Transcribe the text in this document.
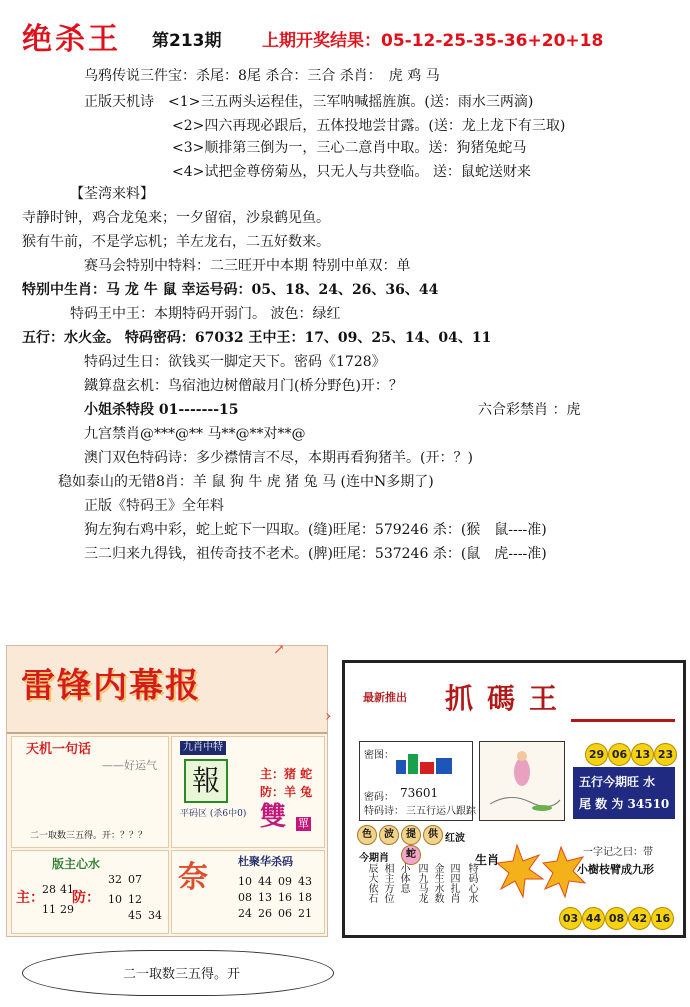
绝杀王 第213期 上期开奖结果：05-12-25-35-36+20+18
乌鸦传说三件宝：杀尾：8尾 杀合：三合 杀肖：　虎 鸡 马
正版天机诗　<1>三五两头运程佳，三军呐喊摇旌旗。(送：雨水三两滴)
<2>四六再现必跟后，五体投地尝甘露。(送：龙上龙下有三取)
<3>顺排第三倒为一，三心二意肖中取。送：狗猪兔蛇马
<4>试把金尊傍菊丛，只无人与共登临。 送：鼠蛇送财来
【荃湾来料】
寺静时钟，鸡合龙兔来；一夕留宿，沙泉鹤见鱼。
猴有牛前，不是学忘机；羊左龙右，二五好数来。
赛马会特别中特料：二三旺开中本期 特别中单双：单
特别中生肖：马 龙 牛 鼠 幸运号码：05、18、24、26、36、44
特码王中王：本期特码开弱门。 波色：绿红
五行：水火金。 特码密码：67032 王中王：17、09、25、14、04、11
特码过生日：欲钱买一脚定天下。密码《1728》
鐵算盘玄机：鸟宿池边树僧敲月门(桥分野色)开：？
小姐杀特段 01-------15	六合彩禁肖 ：虎
九宫禁肖@***@** 马**@**对**@
澳门双色特码诗：多少襟情言不尽，本期再看狗猪羊。(开：？)
稳如泰山的无错8肖：羊 鼠 狗 牛 虎 猪 兔 马 (连中N多期了)
正版《特码王》全年料
狗左狗右鸡中彩，蛇上蛇下一四取。(缝)旺尾：579246 杀：(猴　鼠----准)
三二归来九得钱，祖传奇技不老术。(脾)旺尾：537246 杀：(鼠　虎----准)
雷锋内幕报
↗
›
天机一句话
——好运气
二一取数三五得。开：？？？
九肖中特
報	主：猪 蛇
防：羊 兔
平码区 (杀6中0) 雙 單
版主心水
主： 防：
28
11
41
29
32 07
10 12
45 34
奈	杜聚华杀码
10 44 09 43
08 13 16 18
24 26 06 21
最新推出 抓碼王
密图：
密码： 73601
特码诗： 三五行运八跟踪
29 06 13 23
五行今期旺 水
尾 数 为 34510
色	波	提	供 红波
今期肖	蛇
辰大依石 相主方位 小体息 四九马龙 金生水数 四四扎肖 特码心水
生肖
一字记之曰：带
小樹枝臂成九形
03 44 08 42 16
二一取数三五得。开
